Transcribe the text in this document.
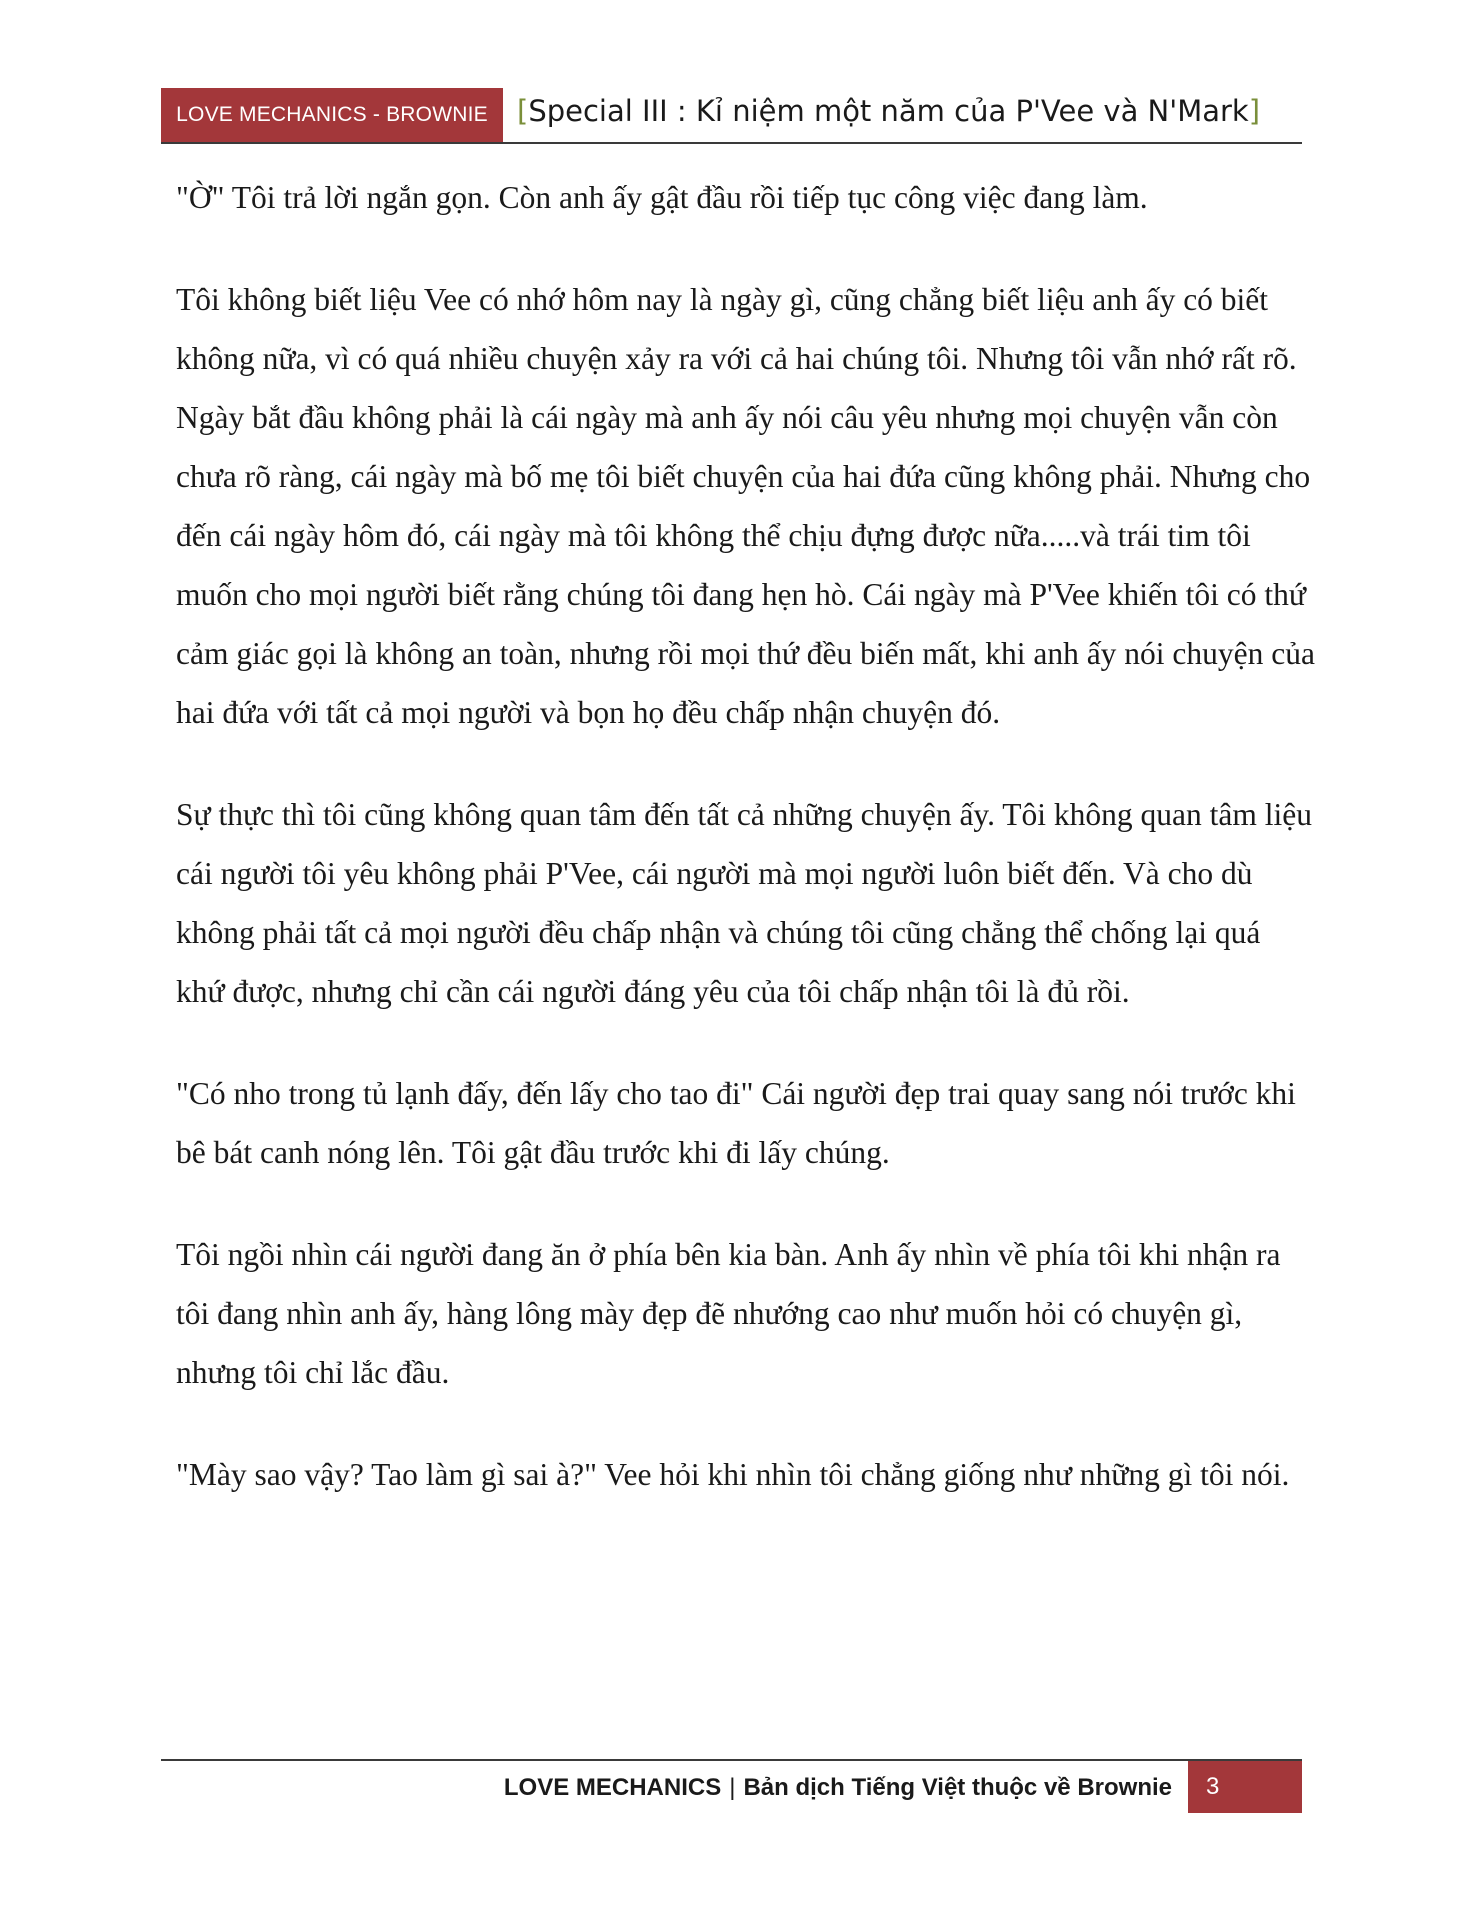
LOVE MECHANICS - BROWNIE	[Special III : Kỉ niệm một năm của P'Vee và N'Mark]

"Ờ" Tôi trả lời ngắn gọn. Còn anh ấy gật đầu rồi tiếp tục công việc đang làm.

Tôi không biết liệu Vee có nhớ hôm nay là ngày gì, cũng chẳng biết liệu anh ấy có biết không nữa, vì có quá nhiều chuyện xảy ra với cả hai chúng tôi. Nhưng tôi vẫn nhớ rất rõ. Ngày bắt đầu không phải là cái ngày mà anh ấy nói câu yêu nhưng mọi chuyện vẫn còn chưa rõ ràng, cái ngày mà bố mẹ tôi biết chuyện của hai đứa cũng không phải. Nhưng cho đến cái ngày hôm đó, cái ngày mà tôi không thể chịu đựng được nữa.....và trái tim tôi muốn cho mọi người biết rằng chúng tôi đang hẹn hò. Cái ngày mà P'Vee khiến tôi có thứ cảm giác gọi là không an toàn, nhưng rồi mọi thứ đều biến mất, khi anh ấy nói chuyện của hai đứa với tất cả mọi người và bọn họ đều chấp nhận chuyện đó.

Sự thực thì tôi cũng không quan tâm đến tất cả những chuyện ấy. Tôi không quan tâm liệu cái người tôi yêu không phải P'Vee, cái người mà mọi người luôn biết đến. Và cho dù không phải tất cả mọi người đều chấp nhận và chúng tôi cũng chẳng thể chống lại quá khứ được, nhưng chỉ cần cái người đáng yêu của tôi chấp nhận tôi là đủ rồi.

"Có nho trong tủ lạnh đấy, đến lấy cho tao đi" Cái người đẹp trai quay sang nói trước khi bê bát canh nóng lên. Tôi gật đầu trước khi đi lấy chúng.

Tôi ngồi nhìn cái người đang ăn ở phía bên kia bàn. Anh ấy nhìn về phía tôi khi nhận ra tôi đang nhìn anh ấy, hàng lông mày đẹp đẽ nhướng cao như muốn hỏi có chuyện gì, nhưng tôi chỉ lắc đầu.

"Mày sao vậy? Tao làm gì sai à?" Vee hỏi khi nhìn tôi chẳng giống như những gì tôi nói.

LOVE MECHANICS | Bản dịch Tiếng Việt thuộc về Brownie	3
